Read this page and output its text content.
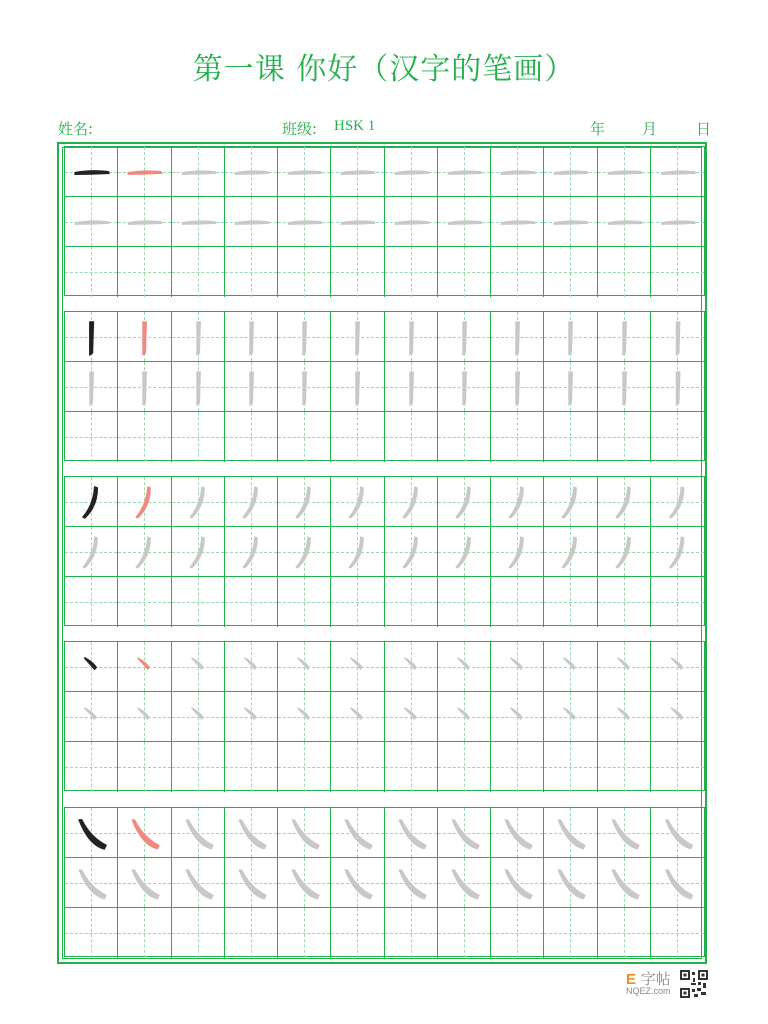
第一课 你好（汉字的笔画）
姓名:	班级: HSK 1	年 月	日
E 字帖
NQEZ.com
